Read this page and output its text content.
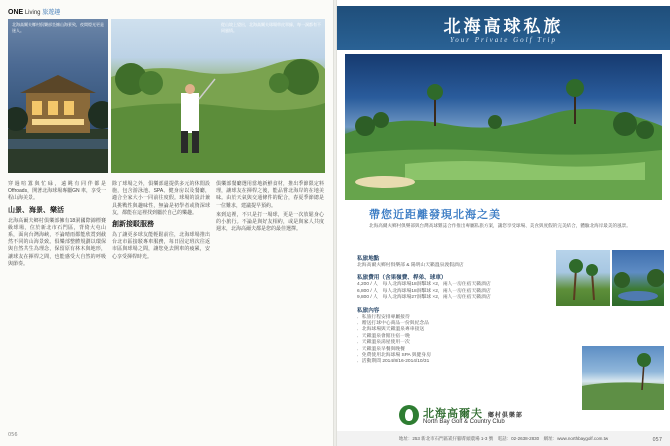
ONE Living 旅遊趣
北海高爾夫鄉村俱樂部坐擁山海景致，夜間燈光更是迷人。
從山坡上望出，北海高爾夫球場草皮翠綠，每一洞都有不同風情。

穿過喧囂與忙碌，遠眺有同伴都是Offroads，開著北海球場專屬GN 車，享受一程山海美景。

山景、海景、樂活

北海高爾夫鄉村俱樂部擁有18洞國際錦標賽級球場，位於新北市石門區，背倚大屯山系，面向台灣海峽，不論晴雨都能欣賞到截然不同的山海景致。俱樂部整體規劃以環保與自然共生為理念，保留原有林木與地形，讓球友在揮桿之間，也能感受大自然的呼吸與節奏。

除了球場之外，俱樂部還提供多元的休閒設施，包含游泳池、SPA、健身房以及餐廳，適合全家大小一同前往度假。球場的設計兼具挑戰性與趣味性，無論是初學者或資深球友，都能在這裡找到屬於自己的樂趣。

創新接駁服務

為了讓更多球友能輕鬆前往，北海球場推出台北市區接駁專車服務，每日固定班次往返市區與球場之間，讓您免去開車的疲累，安心享受揮桿時光。

俱樂部餐廳選用當地新鮮食材，推出季節限定料理，讓球友在揮桿之後，能品嘗北海岸的在地美味。由於天氣與交通條件的配合，春夏季節總是一位難求，建議提早預約。

來到這裡，不只是打一場球，更是一次放鬆身心的小旅行。不論是與好友相約，或是與家人共度週末，北海高爾夫都是您的最佳選擇。

056
北海高球私旅
Your Private Golf Trip
帶您近距離發現北海之美
北海高爾夫鄉村俱樂部與台灣高球雜誌合作推出專屬私旅方案，讓您享受球場、美食與度假的完美結合，體驗北海岸最美的風景。
私旅地點
北海高爾夫鄉村俱樂部 & 陽明山天籟溫泉渡假酒店
私旅費用（含果嶺費、桿弟、球車）
4,200 / 人　每人北海球場18洞擊球 ×2，兩人一房住宿天籟酒店
6,800 / 人　每人北海球場18洞擊球 ×2，兩人一房住宿天籟酒店
9,800 / 人　每人北海球場27洞擊球 ×2，兩人一房住宿天籟酒店
私旅內容
．私旅行程安排專屬接待
．贈送打球中心商品一份與紀念品
．北海球場與天籟溫泉專車接送
．天籟溫泉會館住宿一晚
．天籟溫泉湯屋使用一次
．天籟溫泉早餐與晚餐
．免費使用北海球場 SPA 與健身房
．活動期間 2014/8/16-2014/10/31
北海高爾夫 鄉村俱樂部
North Bay Golf & Country Club
地址：253 新北市石門區崁仔腳菁頭農場 1-3 號　電話：02-2638-2830　網址：www.northbaygolf.com.tw	057
